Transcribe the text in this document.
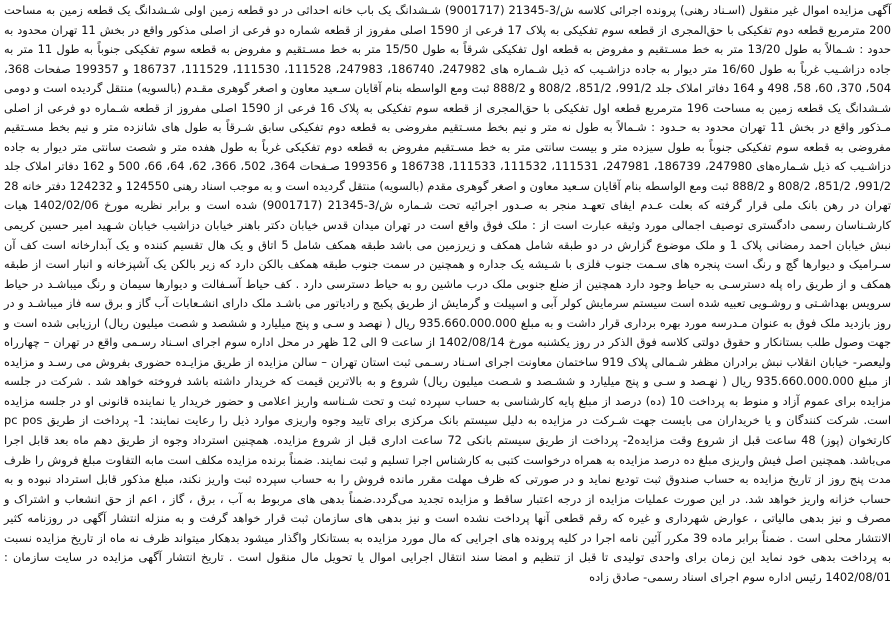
آگهی مزایده اموال غیر منقول (اسـناد رهنی) پرونده اجرائی کلاسه ش/3-21345 (9001717) شـشدانگ یک باب خانه احداثی در دو قطعه زمین اولی شـشدانگ یک قطعه زمین به مساحت 200 مترمربع قطعه دوم تفکیکی با حق‌المجری از قطعه سوم تفکیکی به پلاک 17 فرعی از 1590 اصلی مفروز از قطعه شماره دو فرعی از اصلی مذکور واقع در بخش 11 تهران محدود به حدود : شـمالاً به طول 13/20 متر به خط مسـتقیم و مفروض به قطعه اول تفکیکی شرقاً به طول 15/50 متر به خط مسـتقیم و مفروض به قطعه سوم تفکیکی جنوباً به طول 11 متر به جاده دزاشـیب غرباً به طول 16/60 متر دیوار به جاده دزاشـیب که ذیل شـماره های 247982، 186740، 247983، 111528، 111530، 111529، 186737 و 199357 صفحات 368، 504، 370، 60، 58، 498 و 164 دفاتر املاک جلد 991/2، 851/2، 808/2 و 888/2 ثبت ومع الواسطه بنام آقایان سـعید معاون و اصغر گوهری مقـدم (بالسویه) منتقل گردیده است و دومی شـشدانگ یک قطعه زمین به مساحت 196 مترمربع قطعه اول تفکیکی با حق‌المجری از قطعه سوم تفکیکی به پلاک 16 فرعی از 1590 اصلی مفروز از قطعه شـماره دو فرعی از اصلی مـذکور واقع در بخش 11 تهران محدود به حـدود : شـمالاً به طول نه متر و نیم بخط مسـتقیم مفروضی به قطعه دوم تفکیکی سابق شـرقاً به طول های شانزده متر و نیم بخط مسـتقیم مفروضی به قطعه سوم تفکیکی جنوباً به طول سیزده متر و بیست سانتی متر به خط مسـتقیم مفروض به قطعه دوم تفکیکی غرباً به طول هفده متر و شصت سانتی متر دیوار به جاده دزاشـیب که ذیل شـماره‌های 247980، 186739، 247981، 111531، 111532، 111533، 186738 و 199356 صـفحات 364، 502، 366، 62، 64، 66، 500 و 162 دفاتر املاک جلد 991/2، 851/2، 808/2 و 888/2 ثبت ومع الواسطه بنام آقایان سـعید معاون و اصغر گوهری مقدم (بالسویه) منتقل گردیده است و به موجب اسناد رهنی 124550 و 124232 دفتر خانه 28 تهران در رهن بانک ملی قرار گرفته که بعلت عـدم ایفای تعهـد منجر به صـدور اجرائیه تحت شـماره ش/3-21345 (9001717) شده است و برابر نظریه مورخ 1402/02/06 هیات کارشـناسان رسمی دادگستری توصیف اجمالی مورد وثیقه عبارت است از : ملک فوق واقع است در تهران میدان قدس خیابان دکتر باهنر خیابان دزاشیب خیابان شـهید امیر حسین کریمی نبش خیابان احمد رمضانی پلاک 1 و ملک موضوع گزارش در دو طبقه شامل همکف و زیرزمین می باشد طبقه همکف شامل 5 اتاق و یک هال تقسیم کننده و یک آبدارخانه است کف آن سـرامیک و دیوارها گچ و رنگ است پنجره های سـمت جنوب فلزی با شـیشه یک جداره و همچنین در سمت جنوب طبقه همکف بالکن دارد که زیر بالکن یک آشپزخانه و انبار است از طبقه همکف و از طریق راه پله دسترسـی به حیاط وجود دارد همچنین از ضلع جنوبی ملک درب ماشین رو به حیاط دسترسی دارد . کف حیاط آسـفالت و دیوارها سیمان و رنگ میباشـد در حیاط سرویس بهداشـتی و روشـویی تعبیه شده است سیستم سرمایش کولر آبی و اسپیلت و گرمایش از طریق پکیج و رادیاتور می باشـد ملک دارای انشـعابات آب گاز و برق سه فاز میباشـد و در روز بازدید ملک فوق به عنوان مـدرسه مورد بهره برداری قرار داشت و به مبلغ 935.660.000.000 ریال ( نهصد و سـی و پنج میلیارد و ششصد و شصت میلیون ریال) ارزیابی شده است و جهت وصول طلب بستانکار و حقوق دولتی کلاسه فوق الذکر در روز یکشنبه مورخ 1402/08/14 از ساعت 9 الی 12 ظهر در محل اداره سوم اجرای اسـناد رسـمی واقع در تهران – چهارراه ولیعصر- خیابان انقلاب نبش برادران مظفر شـمالی پلاک 919 ساختمان معاونت اجرای اسـناد رسـمی ثبت استان تهران – سالن مزایده از طریق مزایـده حضوری بفروش می رسـد و مزایده از مبلغ 935.660.000.000 ریال ( نهـصد و سـی و پنج میلیارد و ششـصد و شـصت میلیون ریال) شروع و به بالاترین قیمت که خریدار داشته باشد فروخته خواهد شد . شرکت در جلسه مزایده برای عموم آزاد و منوط به پرداخت 10 (ده) درصد از مبلغ پایه کارشناسی به حساب سپرده ثبت و تحت شـناسه واریز اعلامی و حضور خریدار یا نماینده قانونی او در جلسه مزایده است. شرکت کنندگان و یا خریداران می بایست جهت شـرکت در مزایده به دلیل سیستم بانک مرکزی برای تایید وجوه واریزی موارد ذیل را رعایت نمایند: 1- پرداخت از طریق pc pos کارتخوان (پوز) 48 ساعت قبل از شروع وقت مزایده2- پرداخت از طریق سیستم بانکی 72 ساعت اداری قبل از شروع مزایده. همچنین استرداد وجوه از طریق دهم ماه بعد قابل اجرا می‌باشد. همچنین اصل فیش واریزی مبلغ ده درصد مزایده به همراه درخواست کتبی به کارشناس اجرا تسلیم و ثبت نمایند. ضمناً برنده مزایده مکلف است مابه التفاوت مبلغ فروش را ظرف مدت پنج روز از تاریخ مزایده به حساب صندوق ثبت تودیع نماید و در صورتی که ظرف مهلت مقرر مانده فروش را به حساب سپرده ثبت واریز نکند، مبلغ مذکور قابل استرداد نبوده و به حساب خزانه واریز خواهد شد. در این صورت عملیات مزایده از درجه اعتبار ساقط و مزایده تجدید می‌گردد.ضمناً بدهی های مربوط به آب ، برق ، گاز ، اعم از حق انشعاب و اشتراک و مصرف و نیز بدهی مالیاتی ، عوارض شهرداری و غیره که رقم قطعی آنها پرداخت نشده است و نیز بدهی های سازمان ثبت قرار خواهد گرفت و به منزله انتشار آگهی در روزنامه کثیر الانتشار محلی است . ضمناً برابر ماده 39 مکرر آئین نامه اجرا در کلیه پرونده های اجرایی که مال مورد مزایده به بستانکار واگذار میشود بدهکار میتواند ظرف نه ماه از تاریخ مزایده نسبت به پرداخت بدهی خود نماید این زمان برای واحدی تولیدی تا قبل از تنظیم و امضا سند انتقال اجرایی اموال یا تحویل مال منقول است . تاریخ انتشار آگهی مزایده در سایت سازمان : 1402/08/01 رئیس اداره سوم اجرای اسناد رسمی- صادق زاده
